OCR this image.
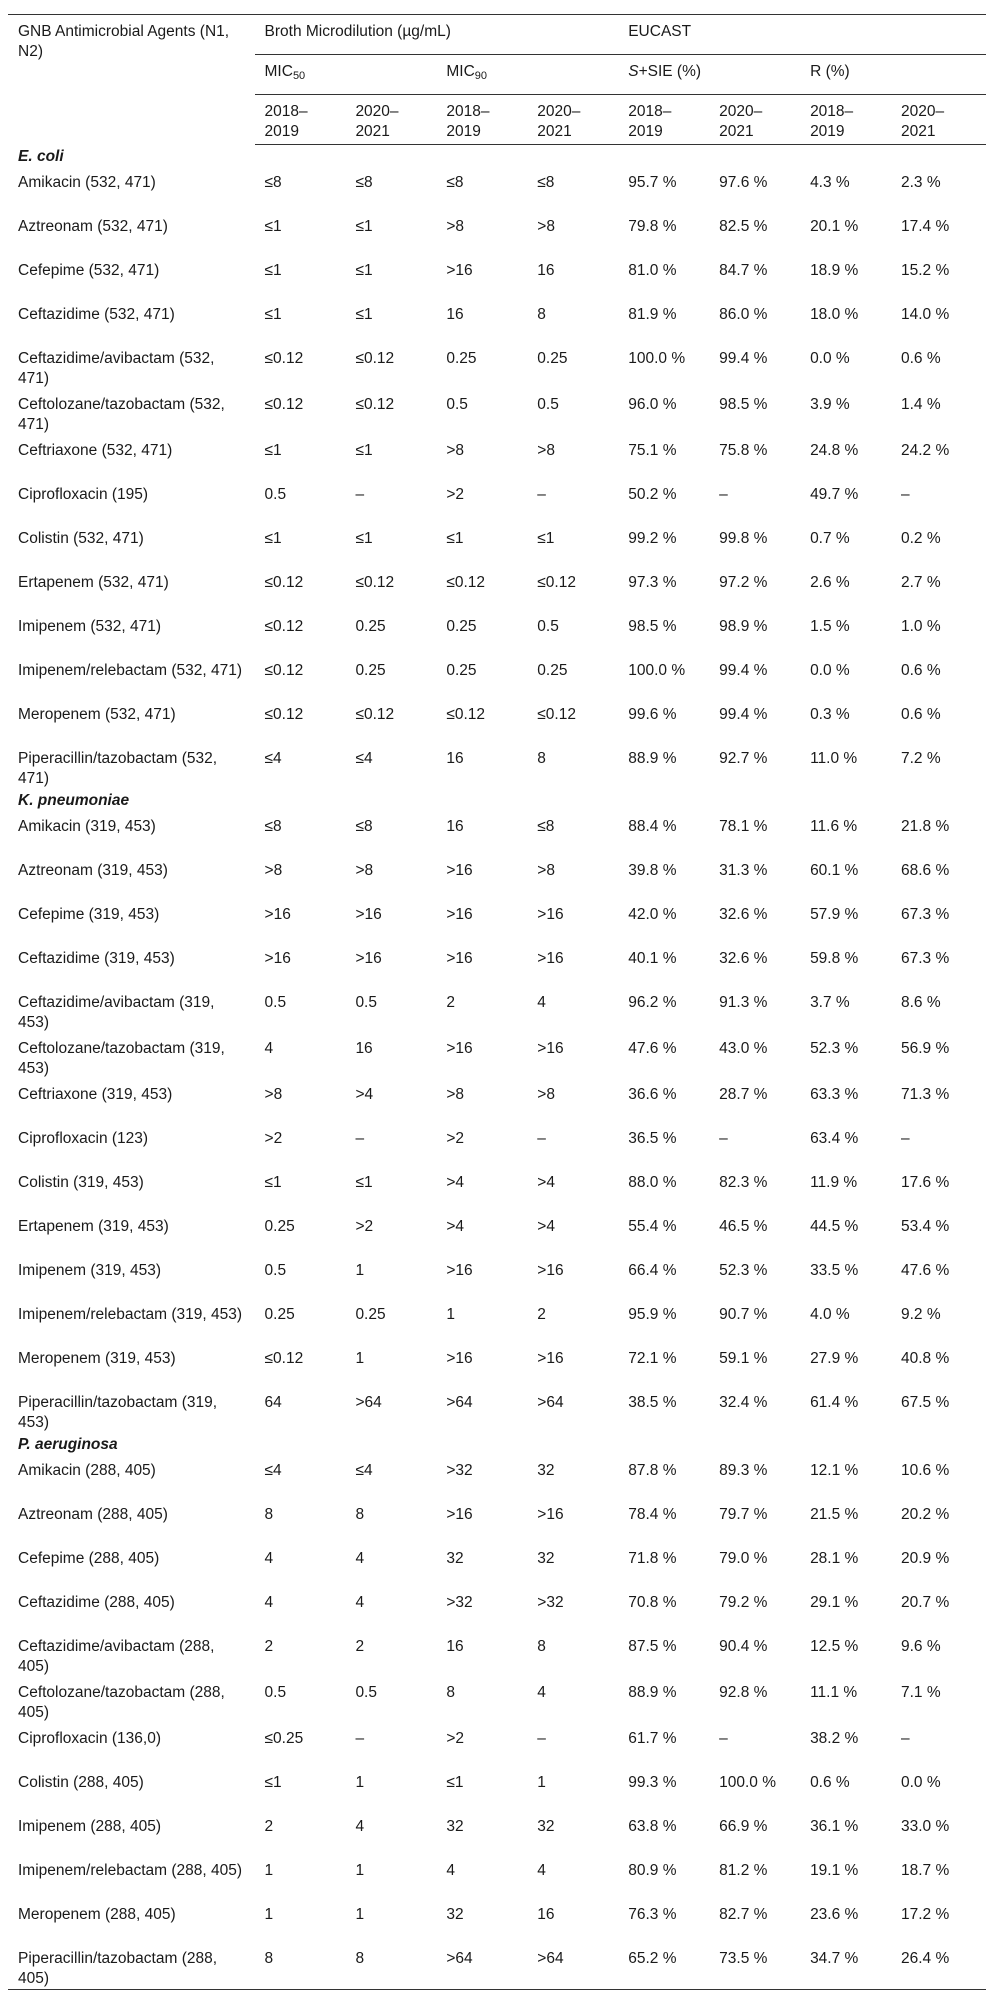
GNB Antimicrobial Agents (N1, N2)	Broth Microdilution (µg/mL)				EUCAST			
	$MIC_{50}$		$MIC_{90}$		S+SIE (%)		R (%)	
	2018–2019	2020–2021	2018–2019	2020–2021	2018–2019	2020–2021	2018–2019	2020–2021
E. coli								
Amikacin (532, 471)	≤8	≤8	≤8	≤8	95.7 %	97.6 %	4.3 %	2.3 %
Aztreonam (532, 471)	≤1	≤1	>8	>8	79.8 %	82.5 %	20.1 %	17.4 %
Cefepime (532, 471)	≤1	≤1	>16	16	81.0 %	84.7 %	18.9 %	15.2 %
Ceftazidime (532, 471)	≤1	≤1	16	8	81.9 %	86.0 %	18.0 %	14.0 %
Ceftazidime/avibactam (532, 471)	≤0.12	≤0.12	0.25	0.25	100.0 %	99.4 %	0.0 %	0.6 %
Ceftolozane/tazobactam (532, 471)	≤0.12	≤0.12	0.5	0.5	96.0 %	98.5 %	3.9 %	1.4 %
Ceftriaxone (532, 471)	≤1	≤1	>8	>8	75.1 %	75.8 %	24.8 %	24.2 %
Ciprofloxacin (195)	0.5	–	>2	–	50.2 %	–	49.7 %	–
Colistin (532, 471)	≤1	≤1	≤1	≤1	99.2 %	99.8 %	0.7 %	0.2 %
Ertapenem (532, 471)	≤0.12	≤0.12	≤0.12	≤0.12	97.3 %	97.2 %	2.6 %	2.7 %
Imipenem (532, 471)	≤0.12	0.25	0.25	0.5	98.5 %	98.9 %	1.5 %	1.0 %
Imipenem/relebactam (532, 471)	≤0.12	0.25	0.25	0.25	100.0 %	99.4 %	0.0 %	0.6 %
Meropenem (532, 471)	≤0.12	≤0.12	≤0.12	≤0.12	99.6 %	99.4 %	0.3 %	0.6 %
Piperacillin/tazobactam (532, 471)	≤4	≤4	16	8	88.9 %	92.7 %	11.0 %	7.2 %
K. pneumoniae								
Amikacin (319, 453)	≤8	≤8	16	≤8	88.4 %	78.1 %	11.6 %	21.8 %
Aztreonam (319, 453)	>8	>8	>16	>8	39.8 %	31.3 %	60.1 %	68.6 %
Cefepime (319, 453)	>16	>16	>16	>16	42.0 %	32.6 %	57.9 %	67.3 %
Ceftazidime (319, 453)	>16	>16	>16	>16	40.1 %	32.6 %	59.8 %	67.3 %
Ceftazidime/avibactam (319, 453)	0.5	0.5	2	4	96.2 %	91.3 %	3.7 %	8.6 %
Ceftolozane/tazobactam (319, 453)	4	16	>16	>16	47.6 %	43.0 %	52.3 %	56.9 %
Ceftriaxone (319, 453)	>8	>4	>8	>8	36.6 %	28.7 %	63.3 %	71.3 %
Ciprofloxacin (123)	>2	–	>2	–	36.5 %	–	63.4 %	–
Colistin (319, 453)	≤1	≤1	>4	>4	88.0 %	82.3 %	11.9 %	17.6 %
Ertapenem (319, 453)	0.25	>2	>4	>4	55.4 %	46.5 %	44.5 %	53.4 %
Imipenem (319, 453)	0.5	1	>16	>16	66.4 %	52.3 %	33.5 %	47.6 %
Imipenem/relebactam (319, 453)	0.25	0.25	1	2	95.9 %	90.7 %	4.0 %	9.2 %
Meropenem (319, 453)	≤0.12	1	>16	>16	72.1 %	59.1 %	27.9 %	40.8 %
Piperacillin/tazobactam (319, 453)	64	>64	>64	>64	38.5 %	32.4 %	61.4 %	67.5 %
P. aeruginosa								
Amikacin (288, 405)	≤4	≤4	>32	32	87.8 %	89.3 %	12.1 %	10.6 %
Aztreonam (288, 405)	8	8	>16	>16	78.4 %	79.7 %	21.5 %	20.2 %
Cefepime (288, 405)	4	4	32	32	71.8 %	79.0 %	28.1 %	20.9 %
Ceftazidime (288, 405)	4	4	>32	>32	70.8 %	79.2 %	29.1 %	20.7 %
Ceftazidime/avibactam (288, 405)	2	2	16	8	87.5 %	90.4 %	12.5 %	9.6 %
Ceftolozane/tazobactam (288, 405)	0.5	0.5	8	4	88.9 %	92.8 %	11.1 %	7.1 %
Ciprofloxacin (136,0)	≤0.25	–	>2	–	61.7 %	–	38.2 %	–
Colistin (288, 405)	≤1	1	≤1	1	99.3 %	100.0 %	0.6 %	0.0 %
Imipenem (288, 405)	2	4	32	32	63.8 %	66.9 %	36.1 %	33.0 %
Imipenem/relebactam (288, 405)	1	1	4	4	80.9 %	81.2 %	19.1 %	18.7 %
Meropenem (288, 405)	1	1	32	16	76.3 %	82.7 %	23.6 %	17.2 %
Piperacillin/tazobactam (288, 405)	8	8	>64	>64	65.2 %	73.5 %	34.7 %	26.4 %
